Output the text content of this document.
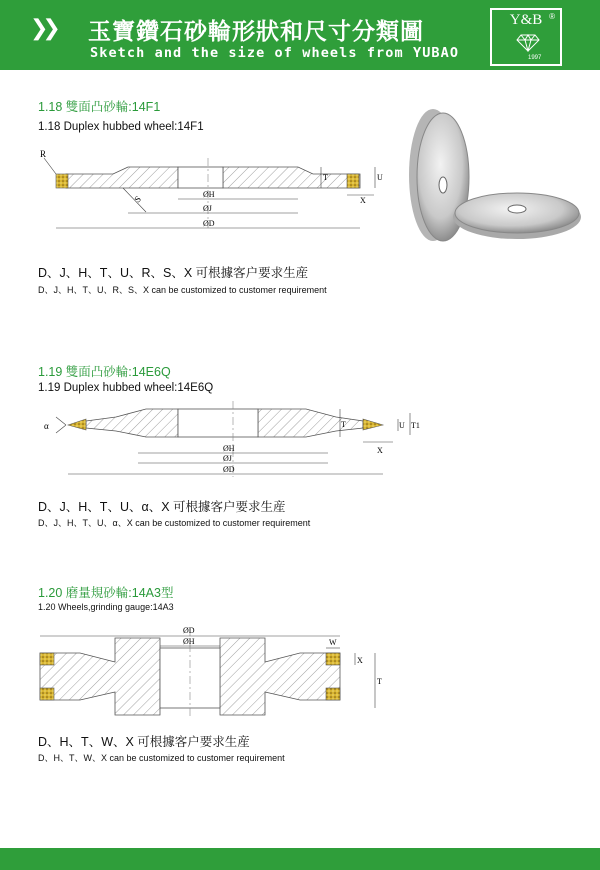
❯❯ 玉寶鑽石砂輪形狀和尺寸分類圖
Sketch and the size of wheels from YUBAO
Y&B ®
1997
1.18 雙面凸砂輪:14F1
1.18 Duplex hubbed wheel:14F1
R
S	ØH
ØJ
ØD
T	U
X
D、J、H、T、U、R、S、X 可根據客户要求生産
D、J、H、T、U、R、S、X can be customized to customer requirement
1.19 雙面凸砂輪:14E6Q
1.19 Duplex hubbed wheel:14E6Q
α
ØH
ØJ
ØD
T	U T1
X
D、J、H、T、U、α、X 可根據客户要求生産
D、J、H、T、U、α、X can be customized to customer requirement
1.20 磨量規砂輪:14A3型
1.20 Wheels,grinding gauge:14A3
ØD
ØH	W
X
T
D、H、T、W、X 可根據客户要求生産
D、H、T、W、X can be customized to customer requirement
